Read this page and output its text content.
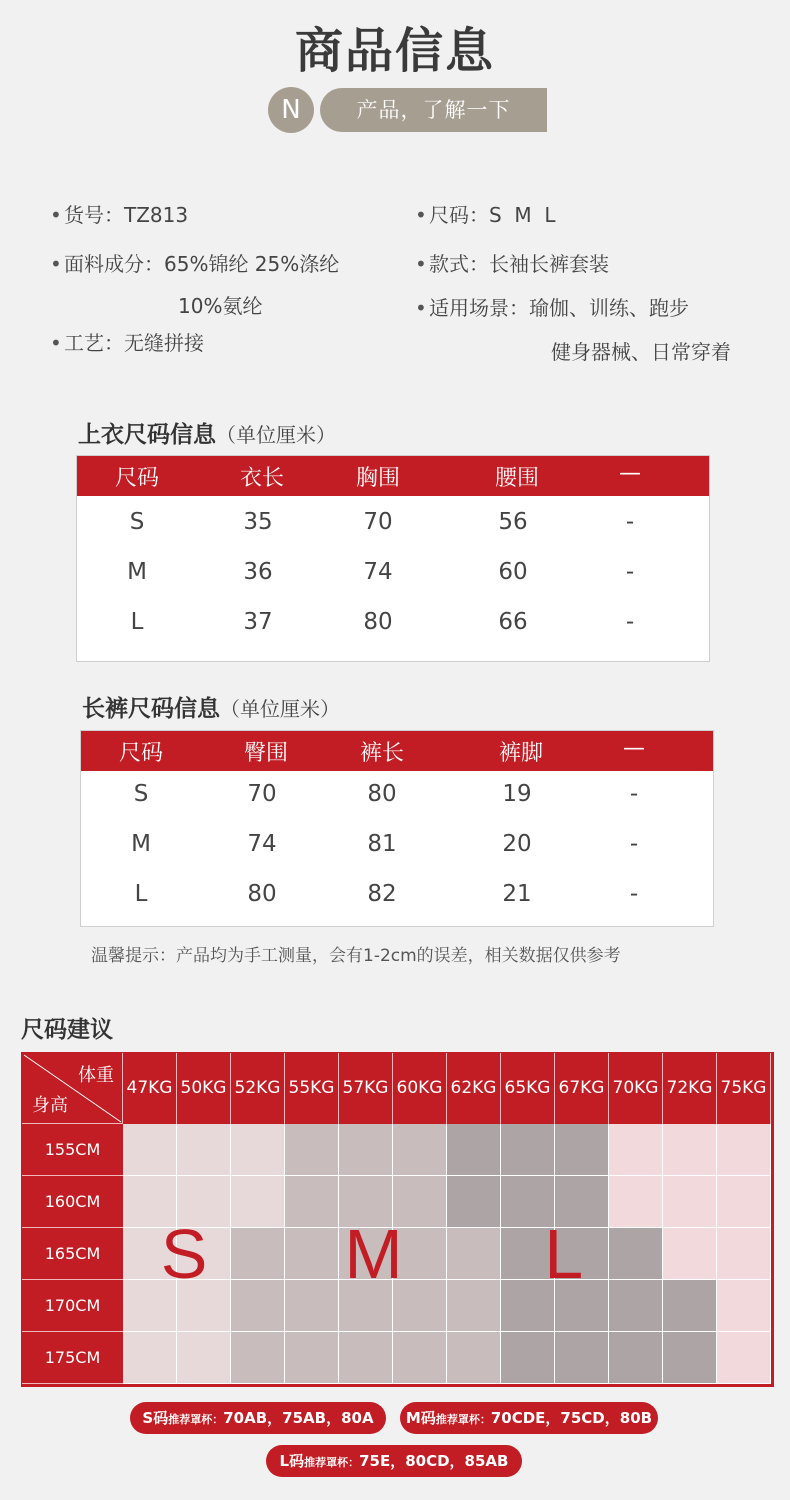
商品信息
N	产品，了解一下
• 货号：TZ813
• 面料成分：65%锦纶 25%涤纶
10%氨纶
• 工艺：无缝拼接
• 尺码：S  M  L
• 款式：长袖长裤套装
• 适用场景：瑜伽、训练、跑步
健身器械、日常穿着
上衣尺码信息（单位厘米）
尺码	衣长	胸围	腰围	—
S	35	70	56	-
M	36	74	60	-
L	37	80	66	-
长裤尺码信息（单位厘米）
尺码	臀围	裤长	裤脚	—
S	70	80	19	-
M	74	81	20	-
L	80	82	21	-
温馨提示：产品均为手工测量，会有1-2cm的误差，相关数据仅供参考
尺码建议
体重
身高
47KG 50KG 52KG 55KG 57KG 60KG 62KG 65KG 67KG 70KG 72KG 75KG
155CM
160CM
165CM
170CM
175CM
S M L
S码推荐罩杯：70AB，75AB，80A	M码推荐罩杯：70CDE，75CD，80B
L码推荐罩杯：75E，80CD，85AB
